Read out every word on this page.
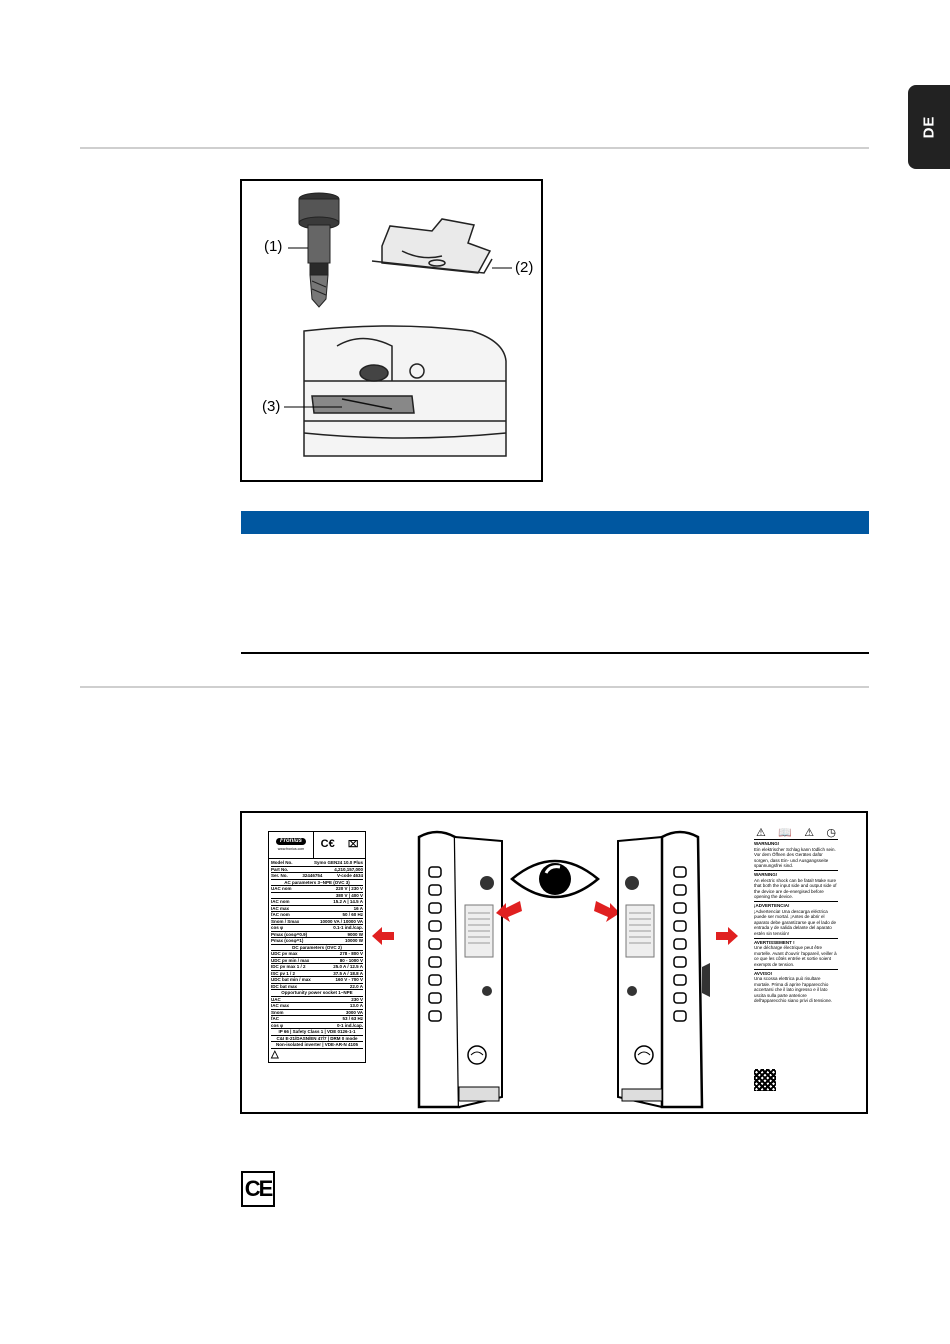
DE
(1)
(2)
(3)
Fronius
www.fronius.com C€ ⌧
Model No.	Symo GEN24 10.0 Plus
Part No.	4,210,157,000
Ser. No.	32446754	V-code 4634
AC parameters 3~NPE (OVC 3)
UAC nom	220 V | 230 V
380 V | 400 V
IAC nom	15.2 A | 14.5 A
IAC max	16 A
fAC nom	50 / 60 Hz
Snom / Smax	10000 VA / 10000 VA
cos φ	0.1-1 ind./cap.
Pmax (cosφ=0.9)	9000 W
Pmax (cosφ=1)	10000 W
DC parameters (OVC 2)
UDC pv max	278 - 800 V
UDC pv min / max	80 - 1000 V
IDC pv max 1 / 2	25.0 A / 12.5 A
ISC pv 1 / 2	37.5 A / 18.8 A
UDC bat min / max	160 V - 700 V
IDC bat max	22.0 A
Opportunity power socket 1~NPE
UAC	230 V
IAC max	13.0 A
Snom	3000 VA
fAC	53 / 63 Hz
cos φ	0-1 ind./cap.
IP 66 | Safety Class 1 | VDE 0126-1-1
C&I E-21/DASN/EN 47/7 | DRM 0 mode
Non-isolated inverter | VDE-AR-N 4105
△
⚠ 📖 ⚠ ◷
WARNUNG!
Ein elektrischer Schlag kann tödlich sein. Vor dem Öffnen des Gerätes dafür sorgen, dass Ein- und Ausgangsseite spannungsfrei sind.
WARNING!
An electric shock can be fatal! Make sure that both the input side and output side of the device are de-energised before opening the device.
¡ADVERTENCIA!
¡Advertencia! Una descarga eléctrica puede ser mortal. ¡Antes de abrir el aparato debe garantizarse que el lado de entrada y de salida delante del aparato estén sin tensión!
AVERTISSEMENT !
Une décharge électrique peut être mortelle. Avant d'ouvrir l'appareil, veiller à ce que les côtés entrée et sortie soient exempts de tension.
AVVISO!
Una scossa elettrica può risultare mortale. Prima di aprire l'apparecchio accertarsi che il lato ingresso e il lato uscita sulla parte anteriore dell'apparecchio siano privi di tensione.
CE
